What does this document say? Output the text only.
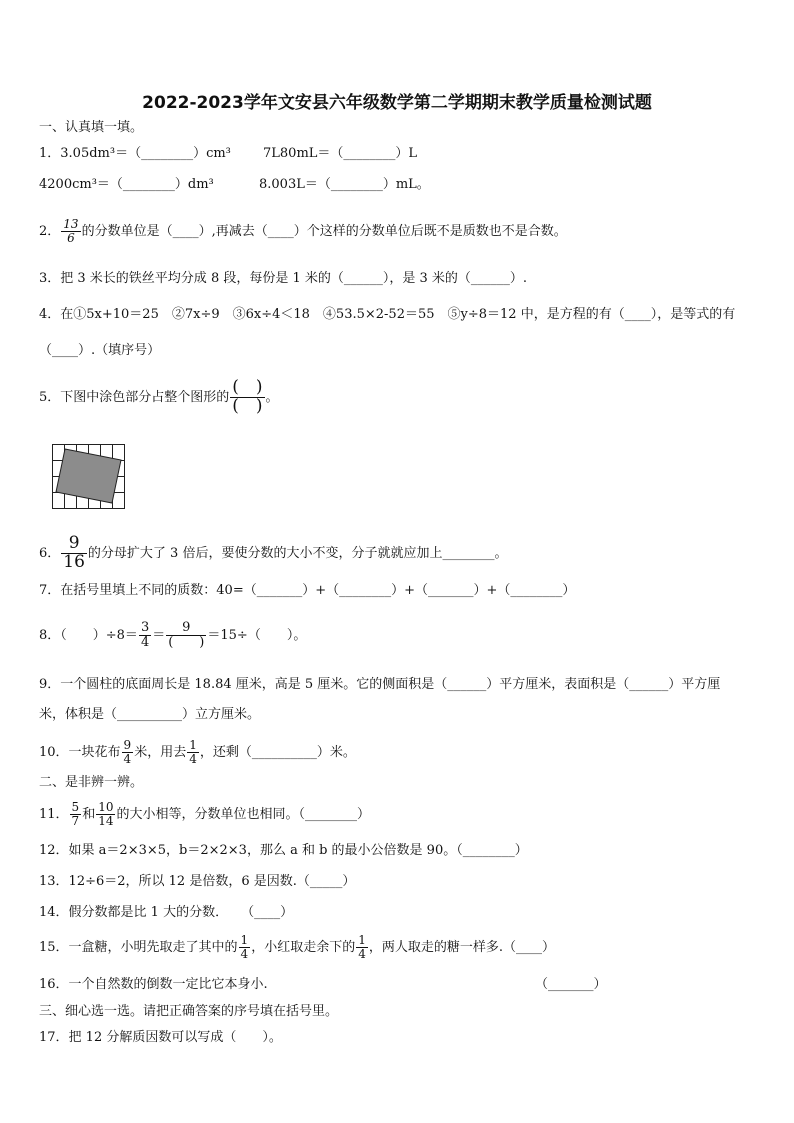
2022-2023学年文安县六年级数学第二学期期末教学质量检测试题
一、认真填一填。
1．3.05dm³＝（________）cm³ 7L80mL＝（________）L
4200cm³＝（________）dm³	8.003L＝（________）mL。
2． $\frac{13}{6}$ 的分数单位是（____）,再减去（____）个这样的分数单位后既不是质数也不是合数。
3．把 3 米长的铁丝平均分成 8 段，每份是 1 米的（______），是 3 米的（______）.
4．在①5x+10＝25　②7x÷9　③6x÷4＜18　④53.5×2-52＝55　⑤y÷8＝12 中，是方程的有（____），是等式的有
（____）.（填序号）
5．下图中涂色部分占整个图形的 $\frac{( )}{( )}$ 。
6． $\frac{9}{16}$ 的分母扩大了 3 倍后，要使分数的大小不变，分子就就应加上________。
7．在括号里填上不同的质数：40=（_______）+（________）+（_______）+（________）
8．（　　）$\div 8= \frac{3}{4} = \frac{9}{( )} =15\div$（　　）。
9．一个圆柱的底面周长是 18.84 厘米，高是 5 厘米。它的侧面积是（______）平方厘米，表面积是（______）平方厘
米，体积是（__________）立方厘米。
10．一块花布 $\frac{9}{4}$ 米，用去 $\frac{1}{4}$ ，还剩（__________）米。
二、是非辨一辨。
11． $\frac{5}{7}$ 和 $\frac{10}{14}$ 的大小相等，分数单位也相同。（________）
12．如果 a＝2×3×5，b＝2×2×3，那么 a 和 b 的最小公倍数是 90。（________）
13．12÷6＝2，所以 12 是倍数，6 是因数.（_____）
14．假分数都是比 1 大的分数．　　（____）
15．一盒糖，小明先取走了其中的 $\frac{1}{4}$ ，小红取走余下的 $\frac{1}{4}$ ，两人取走的糖一样多.（____）
16．一个自然数的倒数一定比它本身小.	（_______）
三、细心选一选。请把正确答案的序号填在括号里。
17．把 12 分解质因数可以写成（　　）。
